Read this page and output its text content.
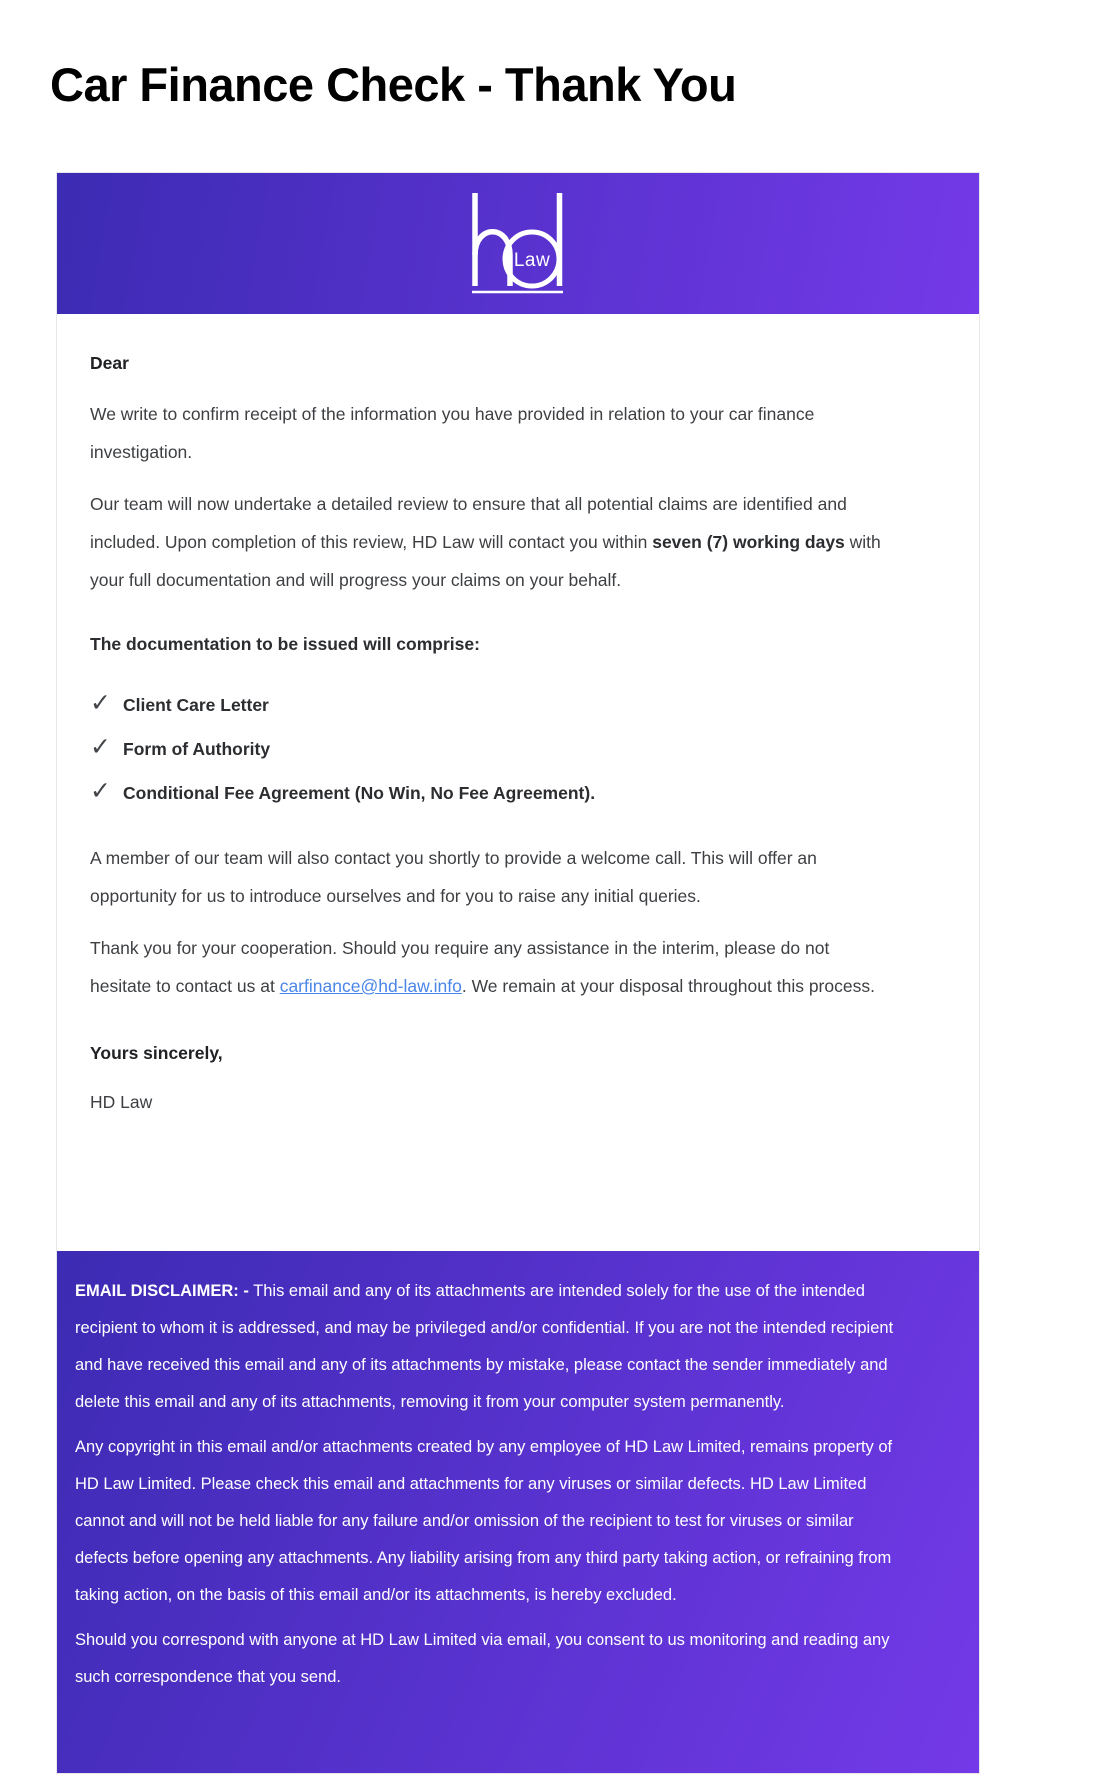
Car Finance Check - Thank You
Law

Dear

We write to confirm receipt of the information you have provided in relation to your car finance investigation.

Our team will now undertake a detailed review to ensure that all potential claims are identified and included. Upon completion of this review, HD Law will contact you within seven (7) working days with your full documentation and will progress your claims on your behalf.

The documentation to be issued will comprise:

✓ Client Care Letter
✓ Form of Authority
✓ Conditional Fee Agreement (No Win, No Fee Agreement).

A member of our team will also contact you shortly to provide a welcome call. This will offer an opportunity for us to introduce ourselves and for you to raise any initial queries.

Thank you for your cooperation. Should you require any assistance in the interim, please do not hesitate to contact us at carfinance@hd-law.info. We remain at your disposal throughout this process.

Yours sincerely,

HD Law

EMAIL DISCLAIMER: - This email and any of its attachments are intended solely for the use of the intended recipient to whom it is addressed, and may be privileged and/or confidential. If you are not the intended recipient and have received this email and any of its attachments by mistake, please contact the sender immediately and delete this email and any of its attachments, removing it from your computer system permanently.

Any copyright in this email and/or attachments created by any employee of HD Law Limited, remains property of HD Law Limited. Please check this email and attachments for any viruses or similar defects. HD Law Limited cannot and will not be held liable for any failure and/or omission of the recipient to test for viruses or similar defects before opening any attachments. Any liability arising from any third party taking action, or refraining from taking action, on the basis of this email and/or its attachments, is hereby excluded.

Should you correspond with anyone at HD Law Limited via email, you consent to us monitoring and reading any such correspondence that you send.
